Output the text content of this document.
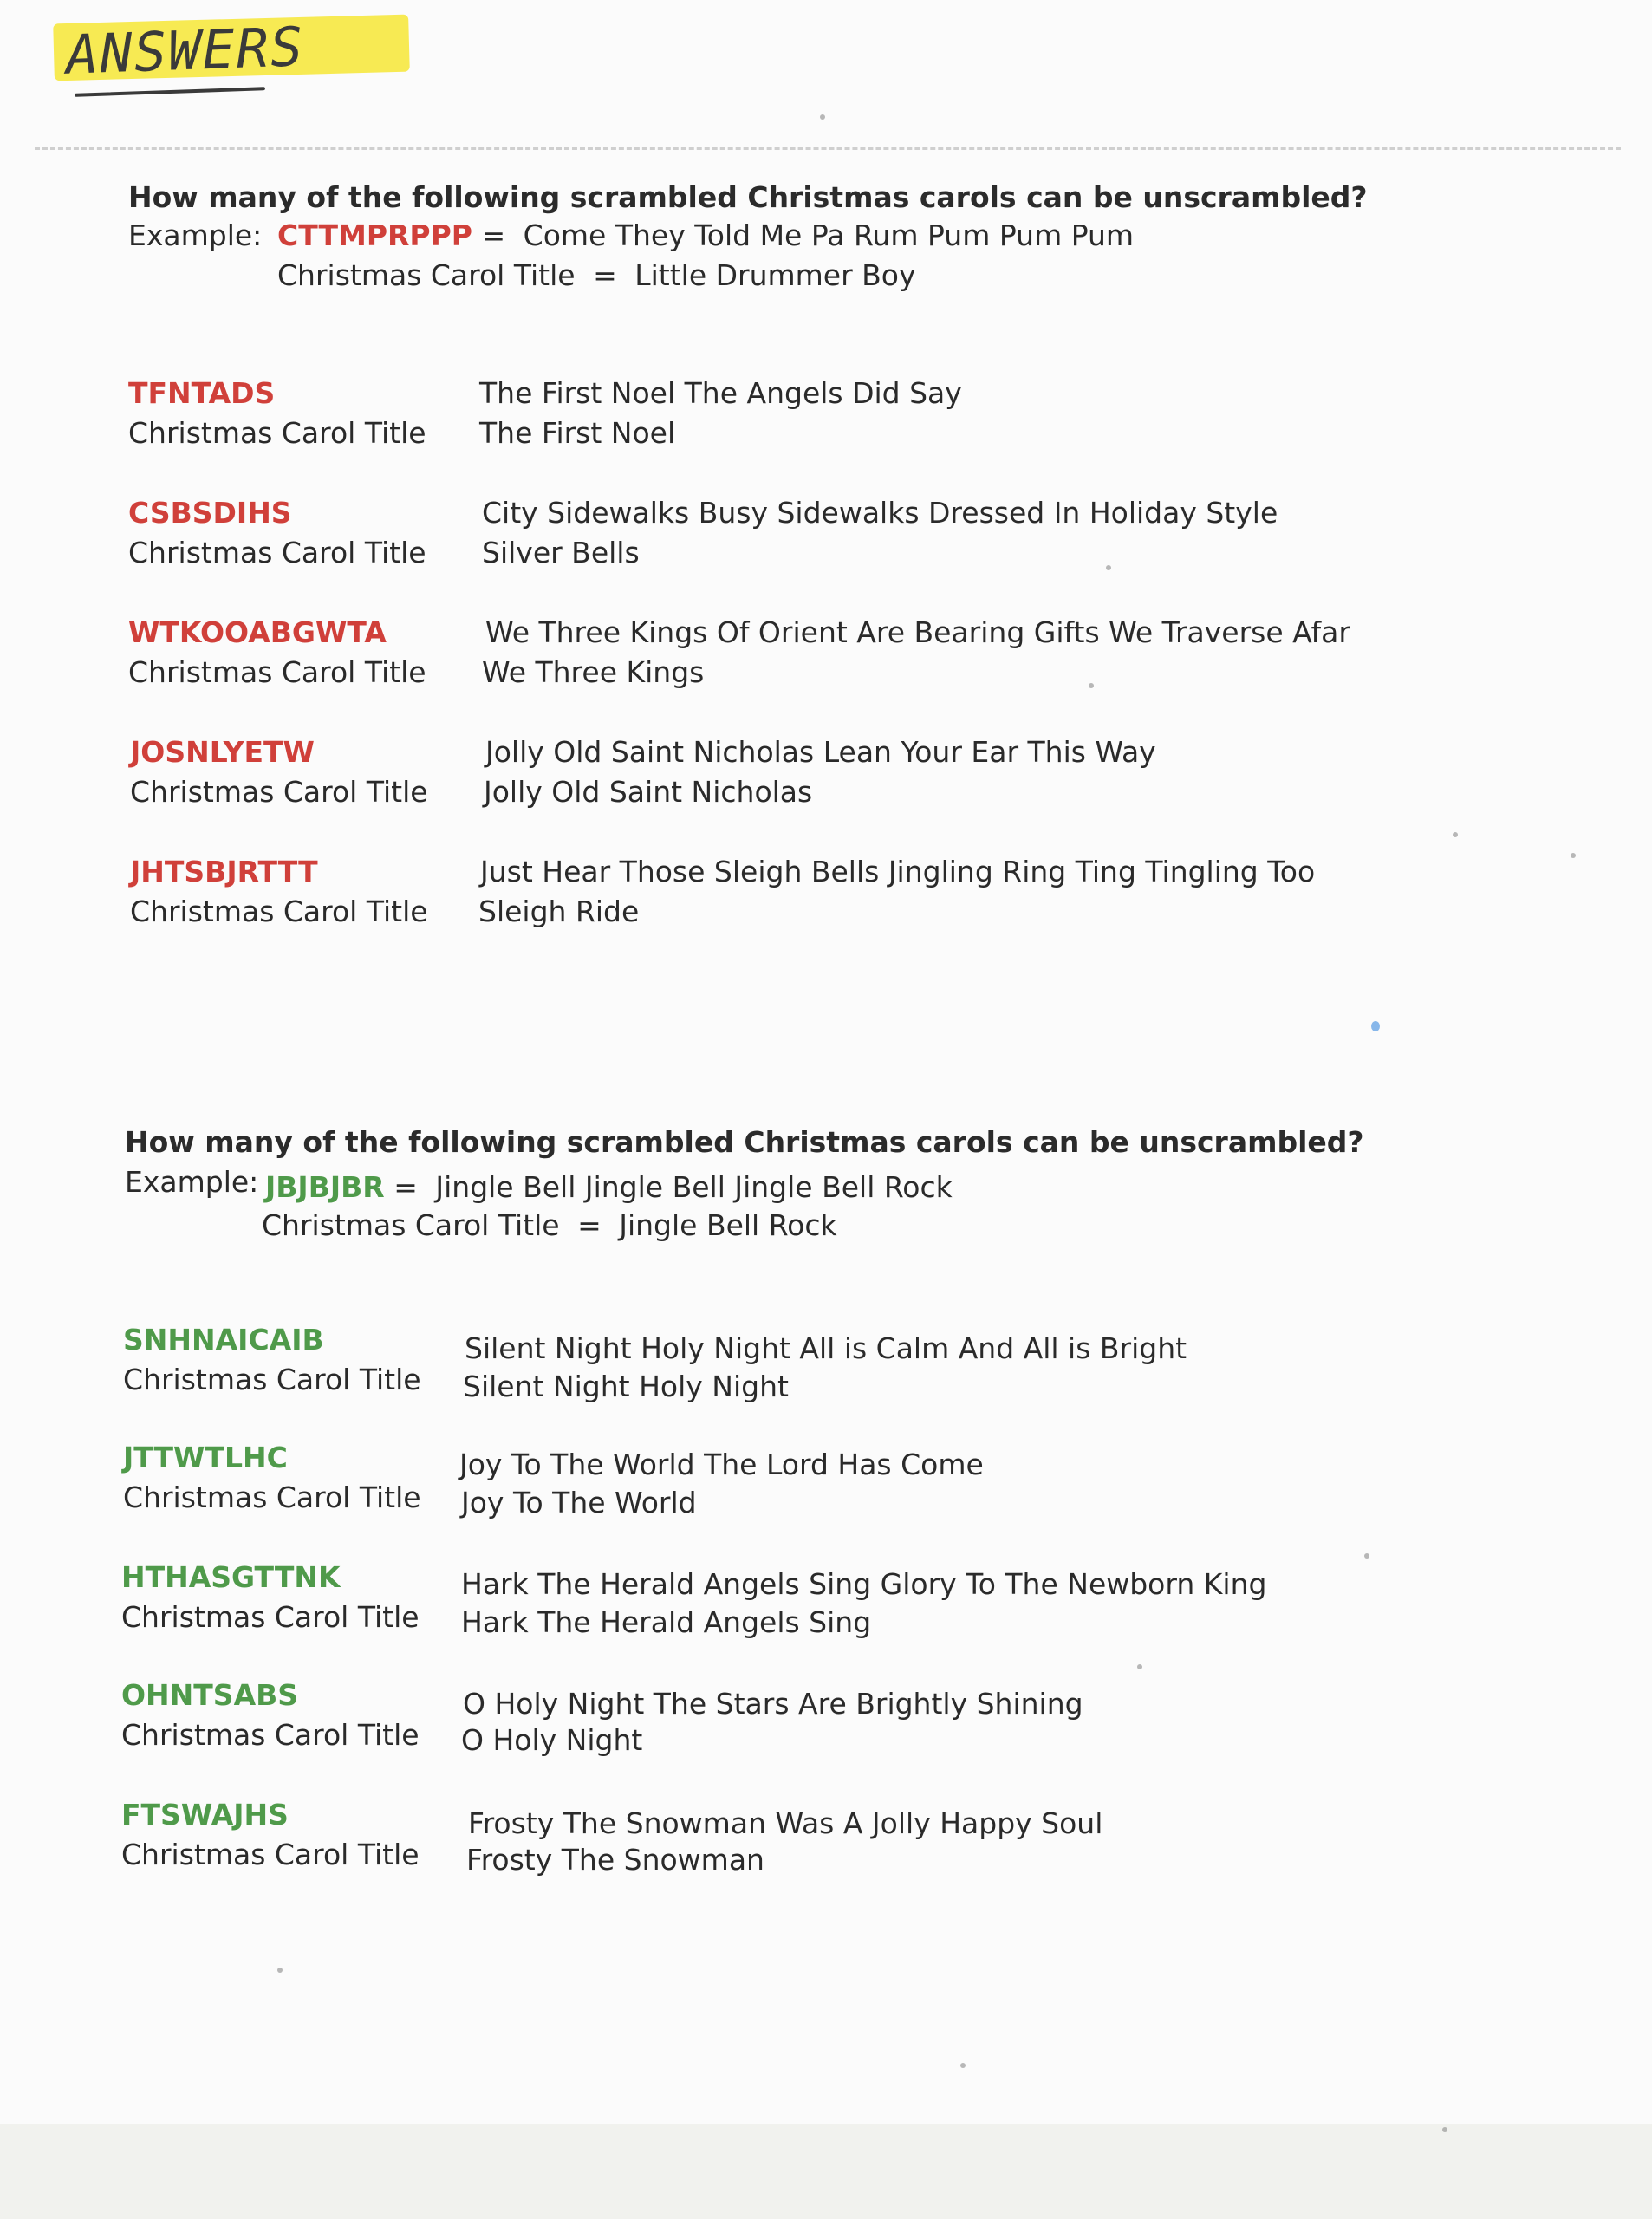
ANSWERS
How many of the following scrambled Christmas carols can be unscrambled?
Example: CTTMPRPPP = Come They Told Me Pa Rum Pum Pum Pum
Christmas Carol Title = Little Drummer Boy
TFNTADS
Christmas Carol Title
The First Noel The Angels Did Say
The First Noel
CSBSDIHS
Christmas Carol Title
City Sidewalks Busy Sidewalks Dressed In Holiday Style
Silver Bells
WTKOOABGWTA
Christmas Carol Title
We Three Kings Of Orient Are Bearing Gifts We Traverse Afar
We Three Kings
JOSNLYETW
Christmas Carol Title
Jolly Old Saint Nicholas Lean Your Ear This Way
Jolly Old Saint Nicholas
JHTSBJRTTT
Christmas Carol Title
Just Hear Those Sleigh Bells Jingling Ring Ting Tingling Too
Sleigh Ride
How many of the following scrambled Christmas carols can be unscrambled?
Example: JBJBJBR = Jingle Bell Jingle Bell Jingle Bell Rock
Christmas Carol Title = Jingle Bell Rock
SNHNAICAIB
Christmas Carol Title
Silent Night Holy Night All is Calm And All is Bright
Silent Night Holy Night
JTTWTLHC
Christmas Carol Title
Joy To The World The Lord Has Come
Joy To The World
HTHASGTTNK
Christmas Carol Title
Hark The Herald Angels Sing Glory To The Newborn King
Hark The Herald Angels Sing
OHNTSABS
Christmas Carol Title
O Holy Night The Stars Are Brightly Shining
O Holy Night
FTSWAJHS
Christmas Carol Title
Frosty The Snowman Was A Jolly Happy Soul
Frosty The Snowman
